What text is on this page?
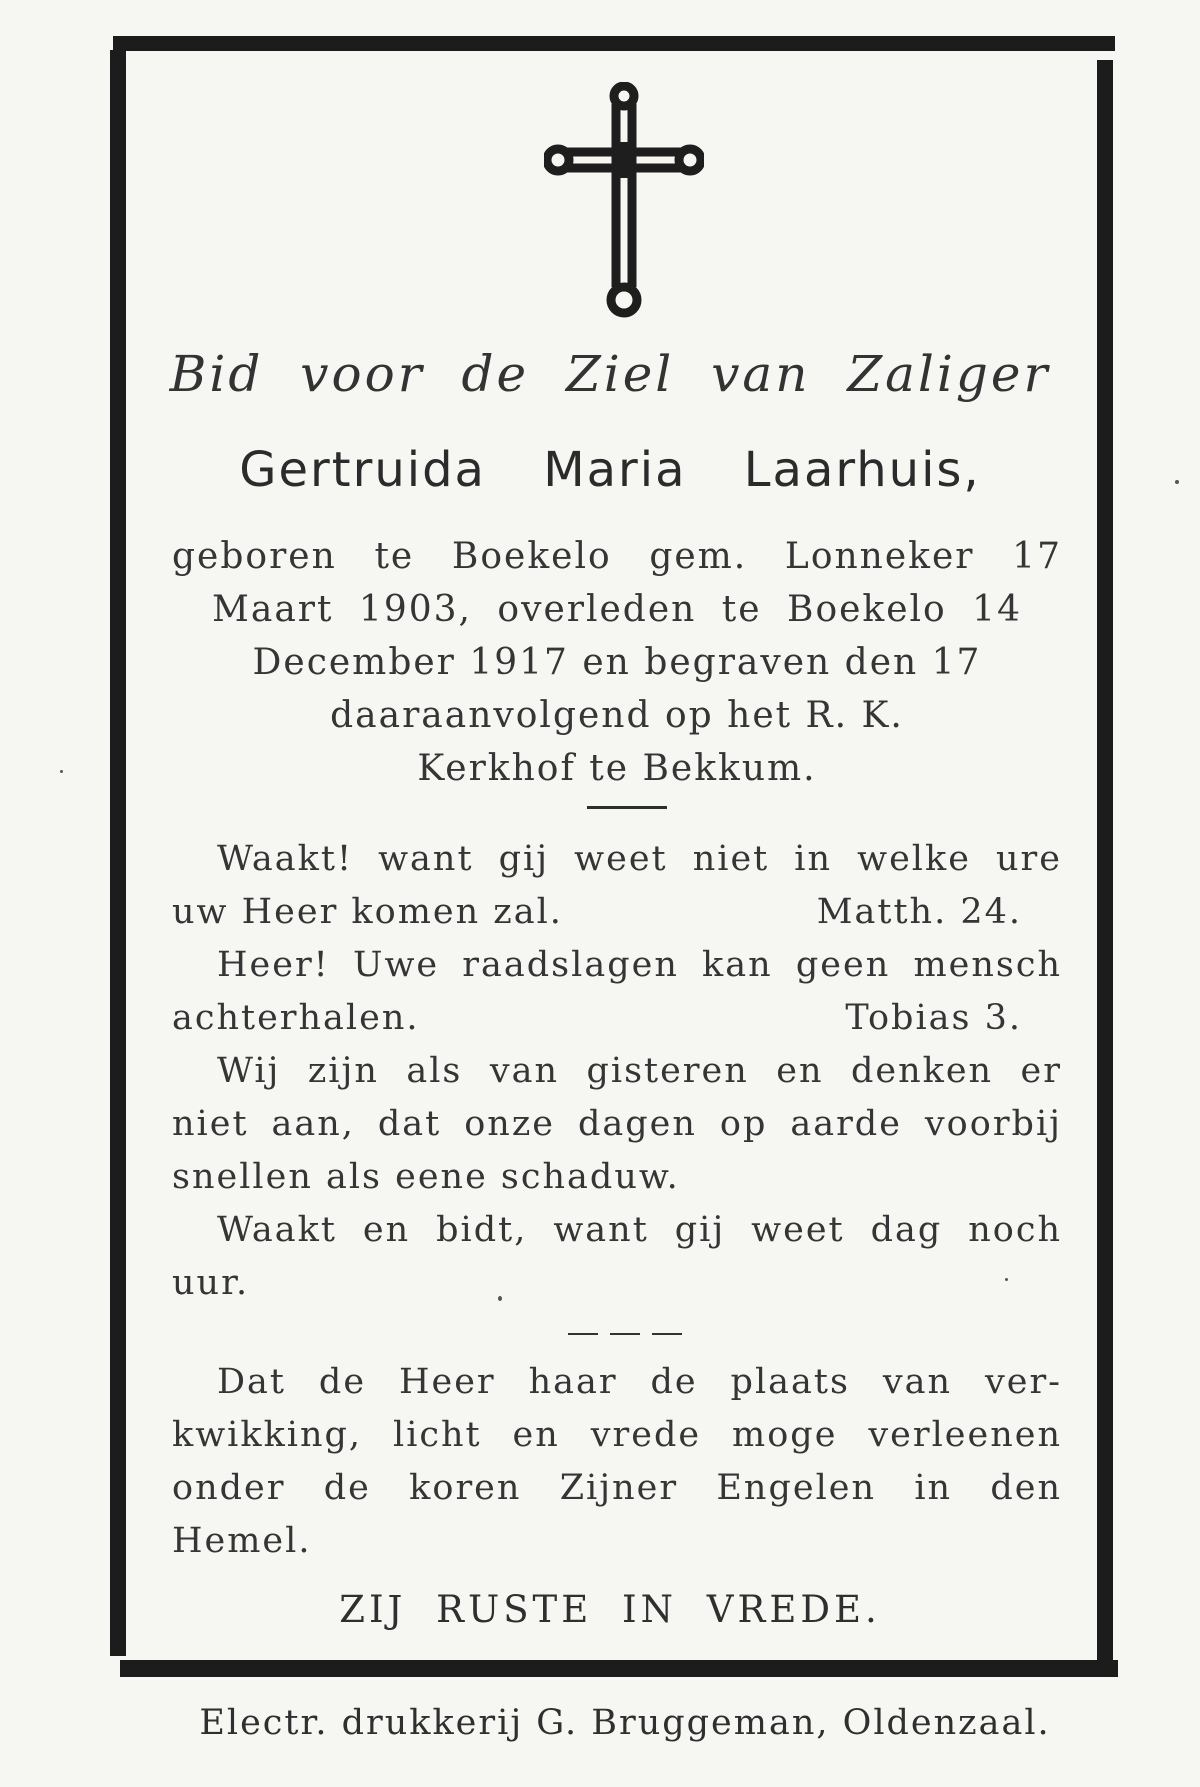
Bid voor de Ziel van Zaliger

Gertruida Maria Laarhuis,

geboren te Boekelo gem. Lonneker 17
Maart 1903, overleden te Boekelo 14
December 1917 en begraven den 17
daaraanvolgend op het R. K.
Kerkhof te Bekkum.
Waakt! want gij weet niet in welke ure
uw Heer komen zal.	Matth. 24.
Heer! Uwe raadslagen kan geen mensch
achterhalen.	Tobias 3.
Wij zijn als van gisteren en denken er
niet aan, dat onze dagen op aarde voorbij
snellen als eene schaduw.
Waakt en bidt, want gij weet dag noch
uur.
Dat de Heer haar de plaats van ver-
kwikking, licht en vrede moge verleenen
onder de koren Zijner Engelen in den
Hemel.

ZIJ RUSTE IN VREDE.

Electr. drukkerij G. Bruggeman, Oldenzaal.
